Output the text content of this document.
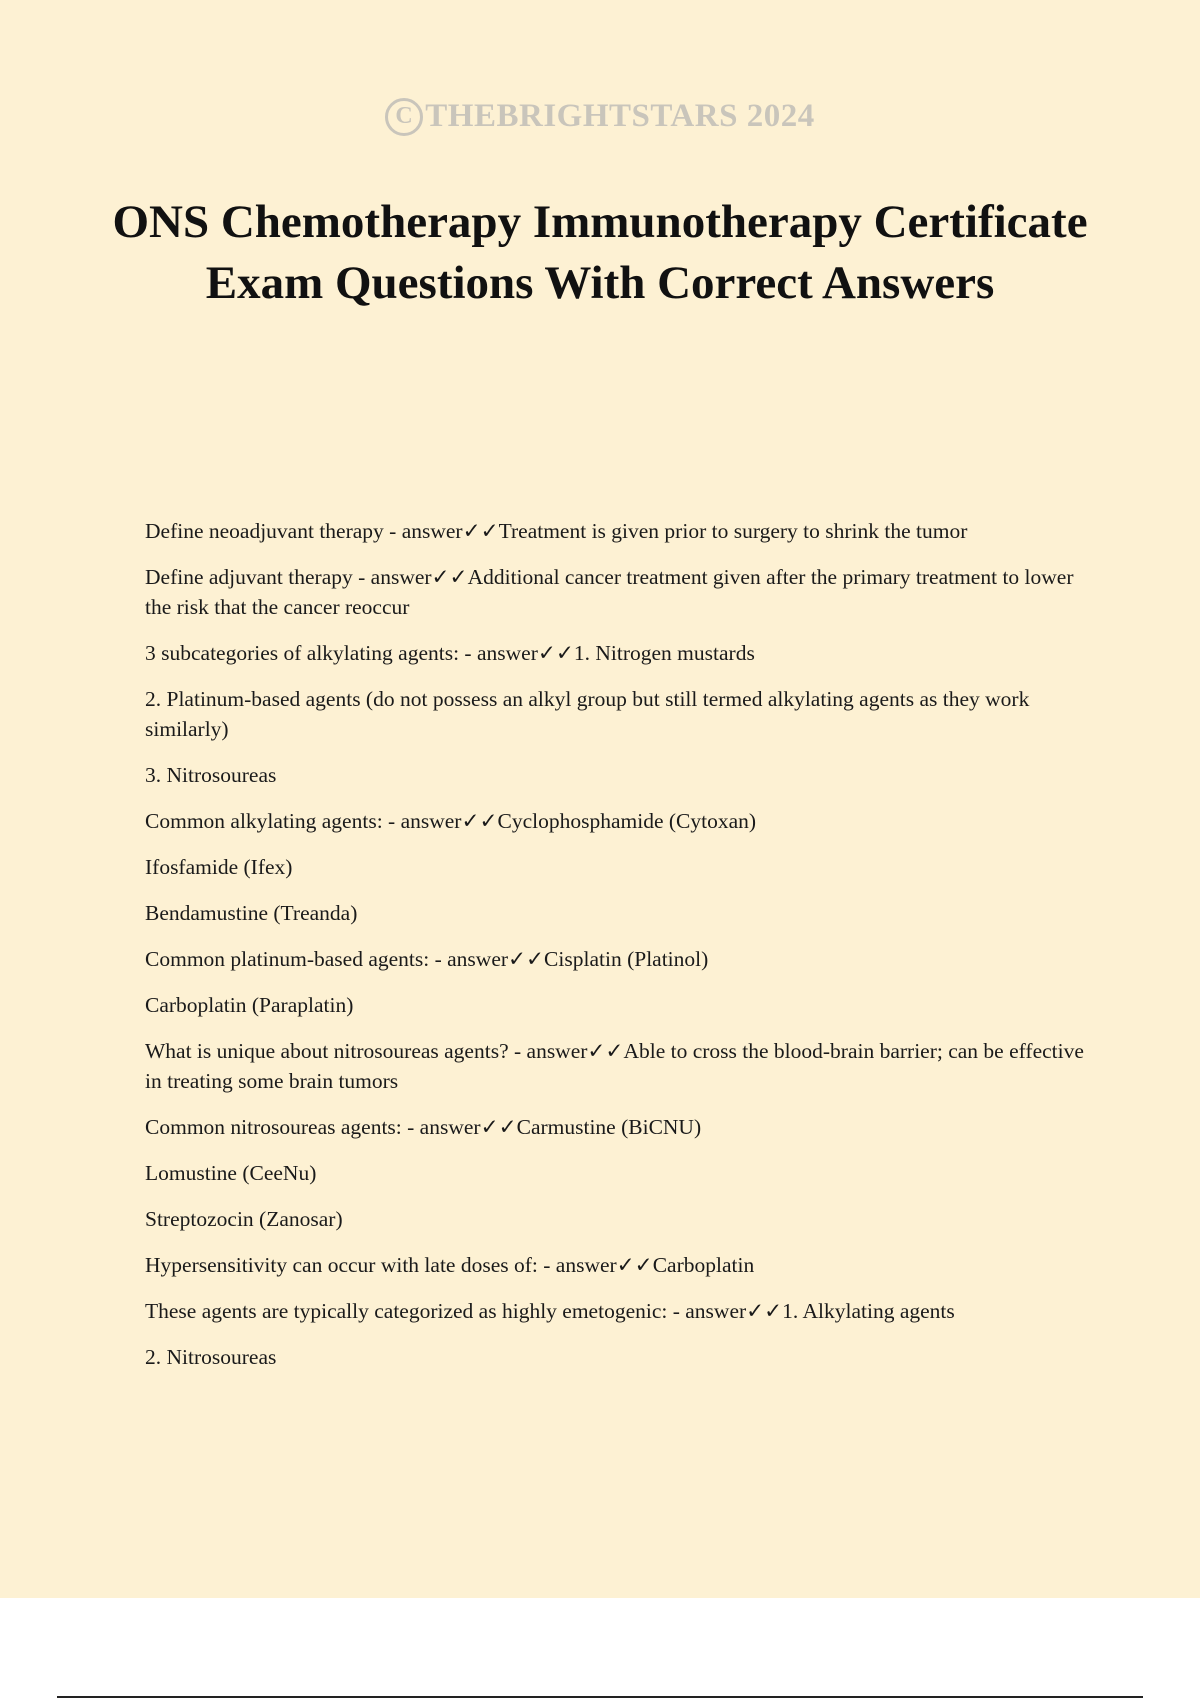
C THEBRIGHTSTARS 2024
ONS Chemotherapy Immunotherapy Certificate Exam Questions With Correct Answers
Define neoadjuvant therapy - answer✓✓Treatment is given prior to surgery to shrink the tumor
Define adjuvant therapy - answer✓✓Additional cancer treatment given after the primary treatment to lower the risk that the cancer reoccur
3 subcategories of alkylating agents: - answer✓✓1. Nitrogen mustards
2. Platinum-based agents (do not possess an alkyl group but still termed alkylating agents as they work similarly)
3. Nitrosoureas
Common alkylating agents: - answer✓✓Cyclophosphamide (Cytoxan)
Ifosfamide (Ifex)
Bendamustine (Treanda)
Common platinum-based agents: - answer✓✓Cisplatin (Platinol)
Carboplatin (Paraplatin)
What is unique about nitrosoureas agents? - answer✓✓Able to cross the blood-brain barrier; can be effective in treating some brain tumors
Common nitrosoureas agents: - answer✓✓Carmustine (BiCNU)
Lomustine (CeeNu)
Streptozocin (Zanosar)
Hypersensitivity can occur with late doses of: - answer✓✓Carboplatin
These agents are typically categorized as highly emetogenic: - answer✓✓1. Alkylating agents
2. Nitrosoureas
